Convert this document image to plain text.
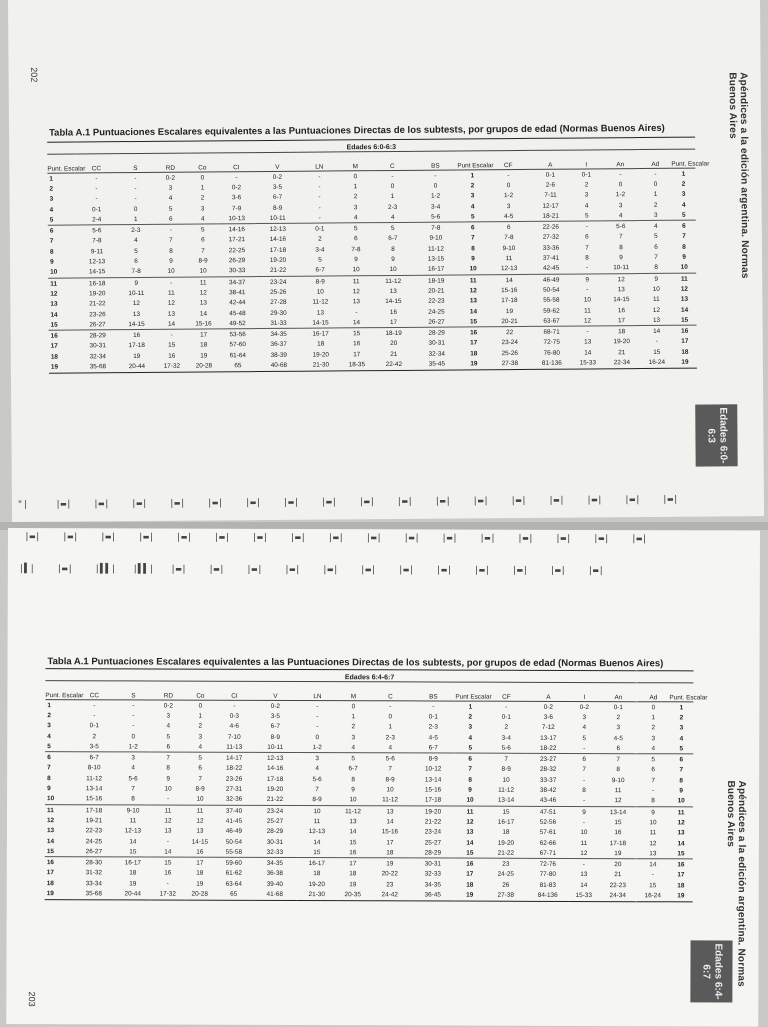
202	Apéndices a la edición argentina. Normas Buenos Aires
Edades 6:0-6:3
Tabla A.1 Puntuaciones Escalares equivalentes a las Puntuaciones Directas de los subtests, por grupos de edad (Normas Buenos Aires)
Edades 6:0-6:3																	
Punt. Escalar	CC	S	RD	Co	CI	V	LN	M	C	BS	Punt Escalar	CF	A	I	An	Ad	Punt. Escalar
1	-	-	0-2	0	-	0-2	-	0	-	-	1	-	0-1	0-1	-	-	1
2	-	-	3	1	0-2	3-5	-	1	0	0	2	0	2-6	2	0	0	2
3	-	-	4	2	3-6	6-7	-	2	1	1-2	3	1-2	7-11	3	1-2	1	3
4	0-1	0	5	3	7-9	8-9	-	3	2-3	3-4	4	3	12-17	4	3	2	4
5	2-4	1	6	4	10-13	10-11	-	4	4	5-6	5	4-5	18-21	5	4	3	5
6	5-6	2-3	-	5	14-16	12-13	0-1	5	5	7-8	6	6	22-26	-	5-6	4	6
7	7-8	4	7	6	17-21	14-16	2	6	6-7	9-10	7	7-8	27-32	6	7	5	7
8	9-11	5	8	7	22-25	17-18	3-4	7-8	8	11-12	8	9-10	33-36	7	8	6	8
9	12-13	6	9	8-9	26-29	19-20	5	9	9	13-15	9	11	37-41	8	9	7	9
10	14-15	7-8	10	10	30-33	21-22	6-7	10	10	16-17	10	12-13	42-45	-	10-11	8	10
11	16-18	9	-	11	34-37	23-24	8-9	11	11-12	18-19	11	14	46-49	9	12	9	11
12	19-20	10-11	11	12	38-41	25-26	10	12	13	20-21	12	15-16	50-54	-	13	10	12
13	21-22	12	12	13	42-44	27-28	11-12	13	14-15	22-23	13	17-18	55-58	10	14-15	11	13
14	23-26	13	13	14	45-48	29-30	13	-	16	24-25	14	19	59-62	11	16	12	14
15	26-27	14-15	14	15-16	49-52	31-33	14-15	14	17	26-27	15	20-21	63-67	12	17	13	15
16	28-29	16	-	17	53-56	34-35	16-17	15	18-19	28-29	16	22	68-71	-	18	14	16
17	30-31	17-18	15	18	57-60	36-37	18	16	20	30-31	17	23-24	72-75	13	19-20	-	17
18	32-34	19	16	19	61-64	38-39	19-20	17	21	32-34	18	25-26	76-80	14	21	15	18
19	35-68	20-44	17-32	20-28	65	40-68	21-30	18-35	22-42	35-45	19	27-38	81-136	15-33	22-34	16-24	19
"|     |▬|    |▬|    |▬|    |▬|    |▬|    |▬|    |▬|    |▬|    |▬|    |▬|    |▬|    |▬|    |▬|    |▬|    |▬|    |▬|    |▬|
|▬|    |▬|    |▬|    |▬|    |▬|    |▬|    |▬|    |▬|    |▬|    |▬|    |▬|    |▬|    |▬|    |▬|    |▬|    |▬|    |▬|
|▌|    |▬|    |▌▌|   |▌▌|   |▬|    |▬|    |▬|    |▬|    |▬|    |▬|    |▬|    |▬|    |▬|    |▬|    |▬|    |▬|
Tabla A.1 Puntuaciones Escalares equivalentes a las Puntuaciones Directas de los subtests, por grupos de edad (Normas Buenos Aires)
Edades 6:4-6:7																	
Punt. Escalar	CC	S	RD	Co	CI	V	LN	M	C	BS	Punt Escalar	CF	A	I	An	Ad	Punt. Escalar
1	-	-	0-2	0	-	0-2	-	0	-	-	1	-	0-2	0-2	0-1	0	1
2	-	-	3	1	0-3	3-5	-	1	0	0-1	2	0-1	3-6	3	2	1	2
3	0-1	-	4	2	4-6	6-7	-	2	1	2-3	3	2	7-12	4	3	2	3
4	2	0	5	3	7-10	8-9	0	3	2-3	4-5	4	3-4	13-17	5	4-5	3	4
5	3-5	1-2	6	4	11-13	10-11	1-2	4	4	6-7	5	5-6	18-22	-	6	4	5
6	6-7	3	7	5	14-17	12-13	3	5	5-6	8-9	6	7	23-27	6	7	5	6
7	8-10	4	8	6	18-22	14-16	4	6-7	7	10-12	7	8-9	28-32	7	8	6	7
8	11-12	5-6	9	7	23-26	17-18	5-6	8	8-9	13-14	8	10	33-37	-	9-10	7	8
9	13-14	7	10	8-9	27-31	19-20	7	9	10	15-16	9	11-12	38-42	8	11	-	9
10	15-16	8	-	10	32-36	21-22	8-9	10	11-12	17-18	10	13-14	43-46	-	12	8	10
11	17-18	9-10	11	11	37-40	23-24	10	11-12	13	19-20	11	15	47-51	9	13-14	9	11
12	19-21	11	12	12	41-45	25-27	11	13	14	21-22	12	16-17	52-56	-	15	10	12
13	22-23	12-13	13	13	46-49	28-29	12-13	14	15-16	23-24	13	18	57-61	10	16	11	13
14	24-25	14	-	14-15	50-54	30-31	14	15	17	25-27	14	19-20	62-66	11	17-18	12	14
15	26-27	15	14	16	55-58	32-33	15	16	18	28-29	15	21-22	67-71	12	19	13	15
16	28-30	16-17	15	17	59-60	34-35	16-17	17	19	30-31	16	23	72-76	-	20	14	16
17	31-32	18	16	18	61-62	36-38	18	18	20-22	32-33	17	24-25	77-80	13	21	-	17
18	33-34	19	-	19	63-64	39-40	19-20	19	23	34-35	18	26	81-83	14	22-23	15	18
19	35-68	20-44	17-32	20-28	65	41-68	21-30	20-35	24-42	36-45	19	27-38	84-136	15-33	24-34	16-24	19	Apéndices a la edición argentina. Normas Buenos Aires
Edades 6:4-6:7
203
